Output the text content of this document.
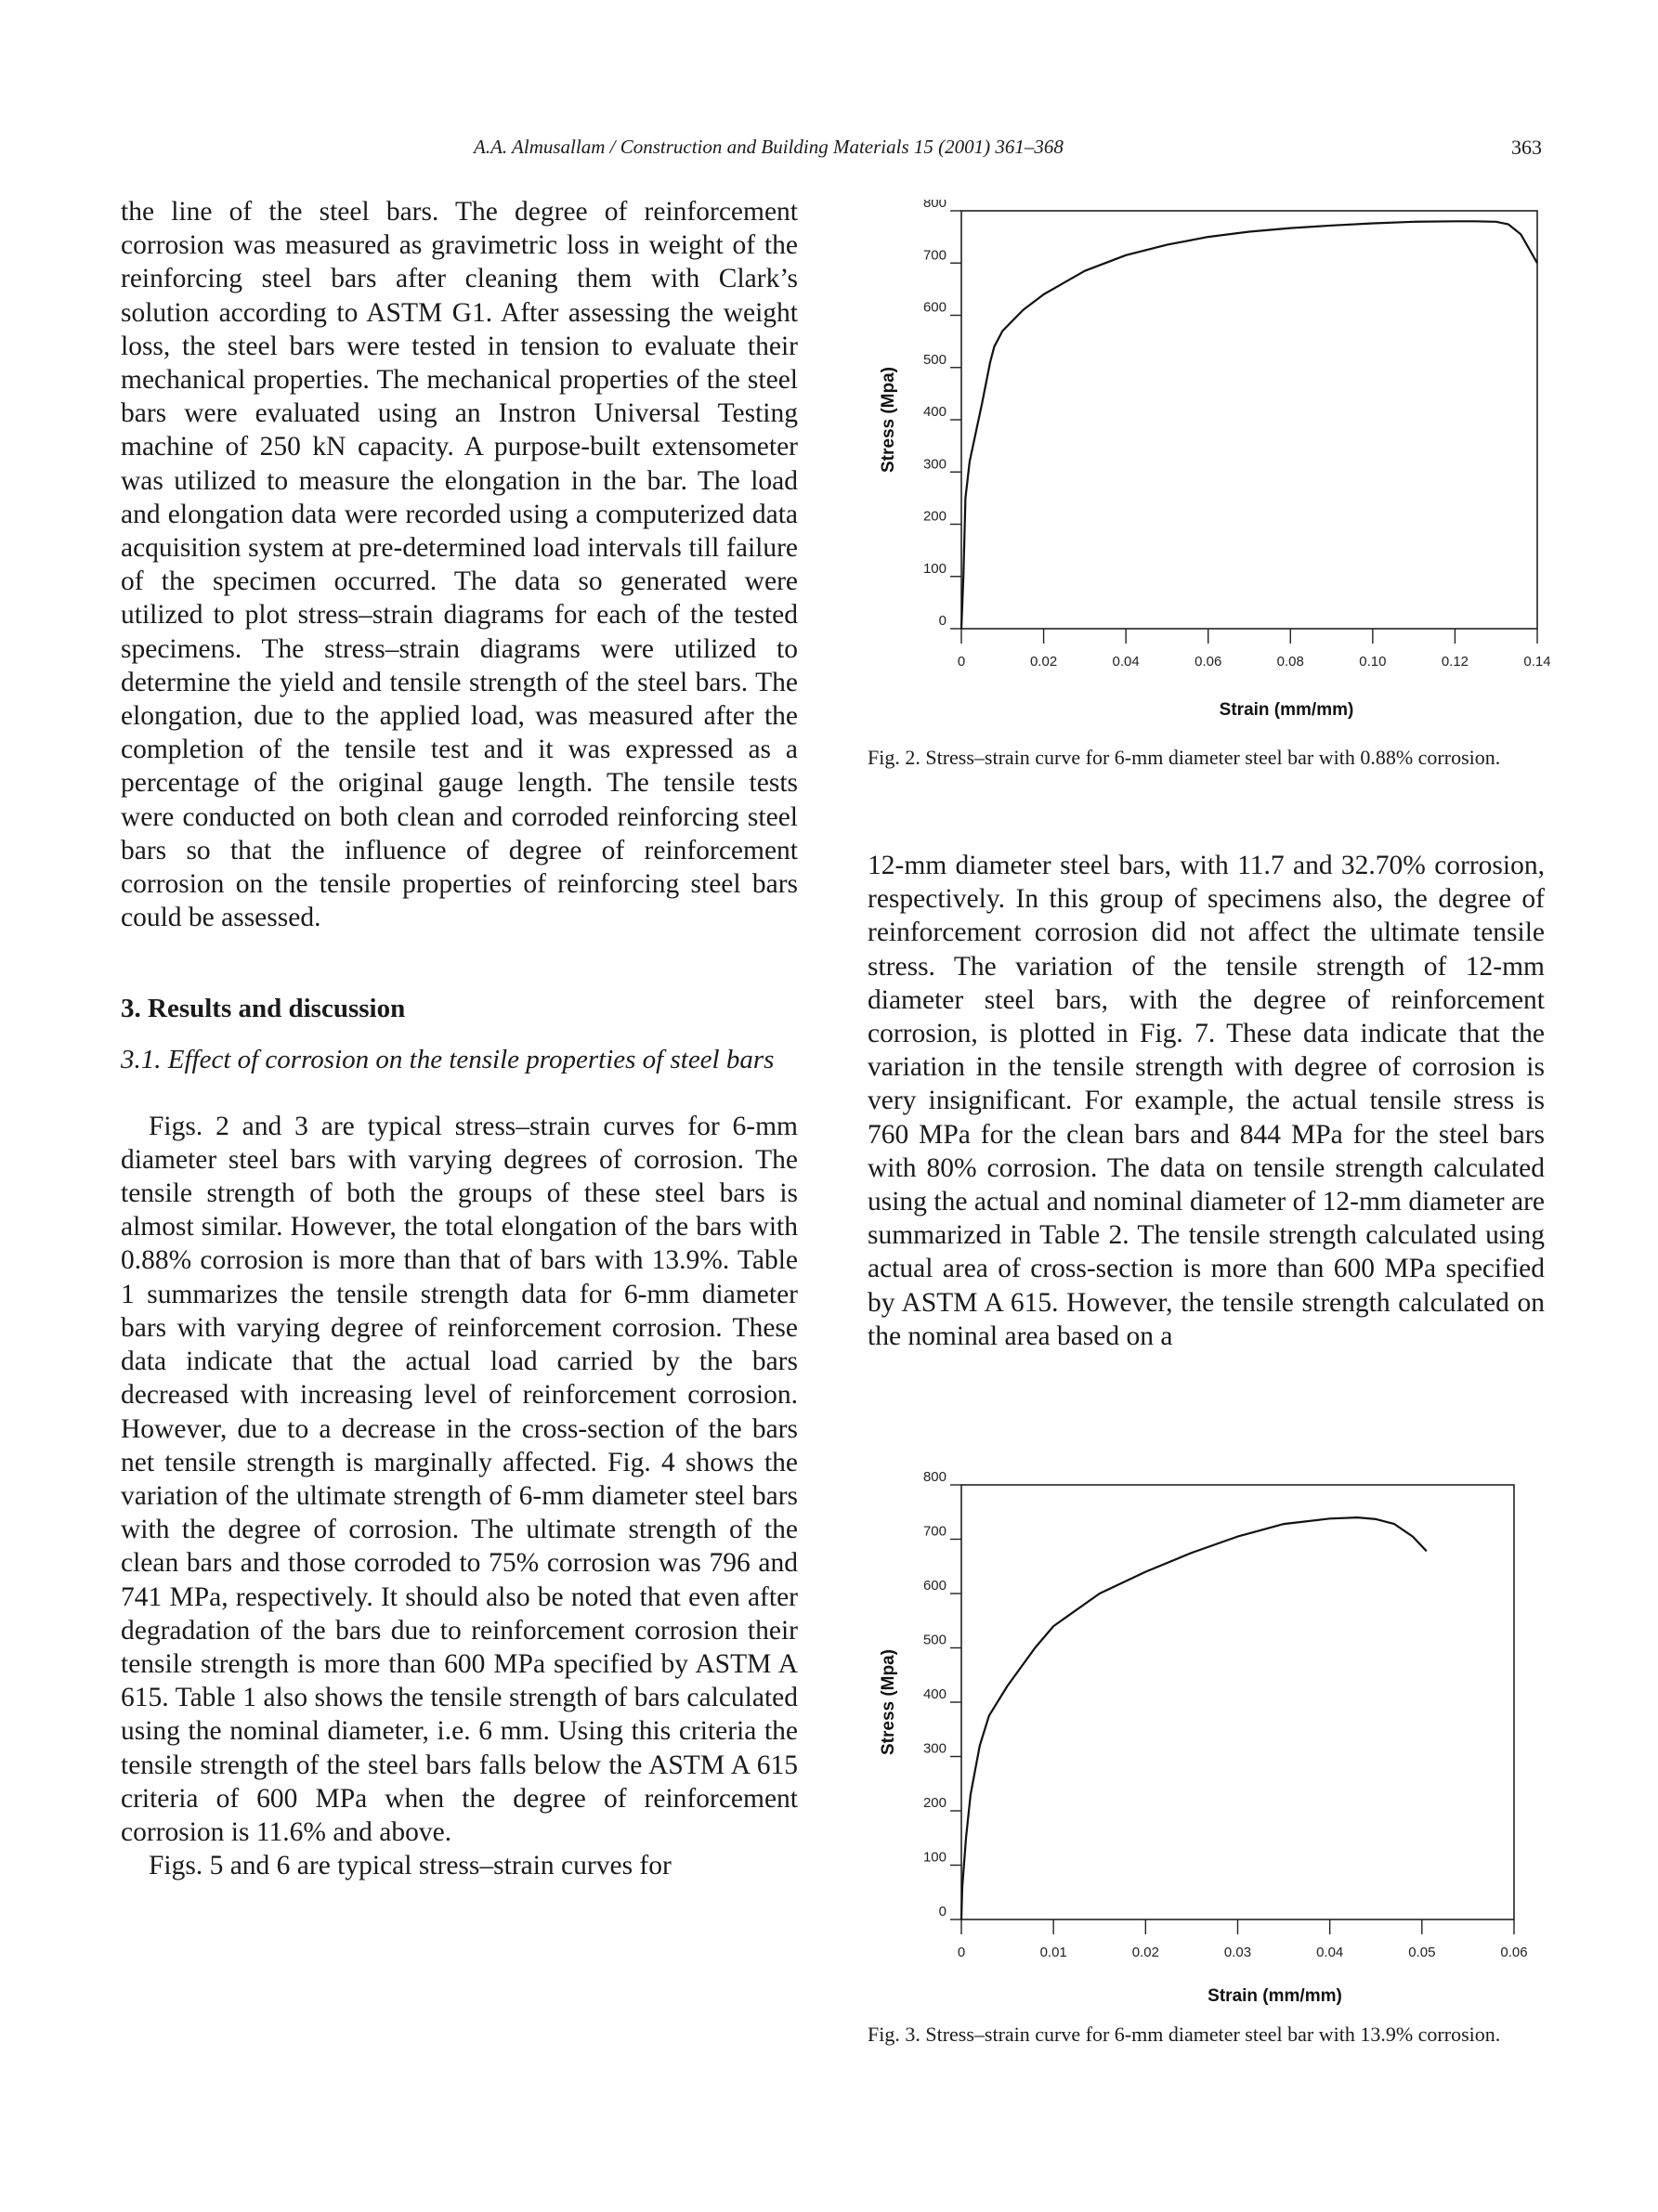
A.A. Almusallam / Construction and Building Materials 15 (2001) 361–368	363

the line of the steel bars. The degree of reinforcement corrosion was measured as gravimetric loss in weight of the reinforcing steel bars after cleaning them with Clark’s solution according to ASTM G1. After assessing the weight loss, the steel bars were tested in tension to evaluate their mechanical properties. The mechanical properties of the steel bars were evaluated using an Instron Universal Testing machine of 250 kN capacity. A purpose-built extensometer was utilized to measure the elongation in the bar. The load and elongation data were recorded using a computerized data acquisition system at pre-determined load intervals till failure of the specimen occurred. The data so generated were utilized to plot stress–strain diagrams for each of the tested specimens. The stress–strain diagrams were utilized to determine the yield and tensile strength of the steel bars. The elongation, due to the applied load, was measured after the completion of the tensile test and it was expressed as a percentage of the original gauge length. The tensile tests were conducted on both clean and corroded reinforcing steel bars so that the influence of degree of reinforcement corrosion on the tensile properties of reinforcing steel bars could be assessed.

3. Results and discussion
3.1. Effect of corrosion on the tensile properties of steel bars

Figs. 2 and 3 are typical stress–strain curves for 6-mm diameter steel bars with varying degrees of corrosion. The tensile strength of both the groups of these steel bars is almost similar. However, the total elongation of the bars with 0.88% corrosion is more than that of bars with 13.9%. Table 1 summarizes the tensile strength data for 6-mm diameter bars with varying degree of reinforcement corrosion. These data indicate that the actual load carried by the bars decreased with increasing level of reinforcement corrosion. However, due to a decrease in the cross-section of the bars net tensile strength is marginally affected. Fig. 4 shows the variation of the ultimate strength of 6-mm diameter steel bars with the degree of corrosion. The ultimate strength of the clean bars and those corroded to 75% corrosion was 796 and 741 MPa, respectively. It should also be noted that even after degradation of the bars due to reinforcement corrosion their tensile strength is more than 600 MPa specified by ASTM A 615. Table 1 also shows the tensile strength of bars calculated using the nominal diameter, i.e. 6 mm. Using this criteria the tensile strength of the steel bars falls below the ASTM A 615 criteria of 600 MPa when the degree of reinforcement corrosion is 11.6% and above.

Figs. 5 and 6 are typical stress–strain curves for

0
100
200
300
400
500
600
700
800
0	0.02	0.04	0.06	0.08	0.10	0.12	0.14
Strain (mm/mm)
Stress (Mpa)
Fig. 2. Stress–strain curve for 6-mm diameter steel bar with 0.88% corrosion.

12-mm diameter steel bars, with 11.7 and 32.70% corrosion, respectively. In this group of specimens also, the degree of reinforcement corrosion did not affect the ultimate tensile stress. The variation of the tensile strength of 12-mm diameter steel bars, with the degree of reinforcement corrosion, is plotted in Fig. 7. These data indicate that the variation in the tensile strength with degree of corrosion is very insignificant. For example, the actual tensile stress is 760 MPa for the clean bars and 844 MPa for the steel bars with 80% corrosion. The data on tensile strength calculated using the actual and nominal diameter of 12-mm diameter are summarized in Table 2. The tensile strength calculated using actual area of cross-section is more than 600 MPa specified by ASTM A 615. However, the tensile strength calculated on the nominal area based on a

0
100
200
300
400
500
600
700
800
0	0.01	0.02	0.03	0.04	0.05	0.06
Strain (mm/mm)
Stress (Mpa)
Fig. 3. Stress–strain curve for 6-mm diameter steel bar with 13.9% corrosion.
